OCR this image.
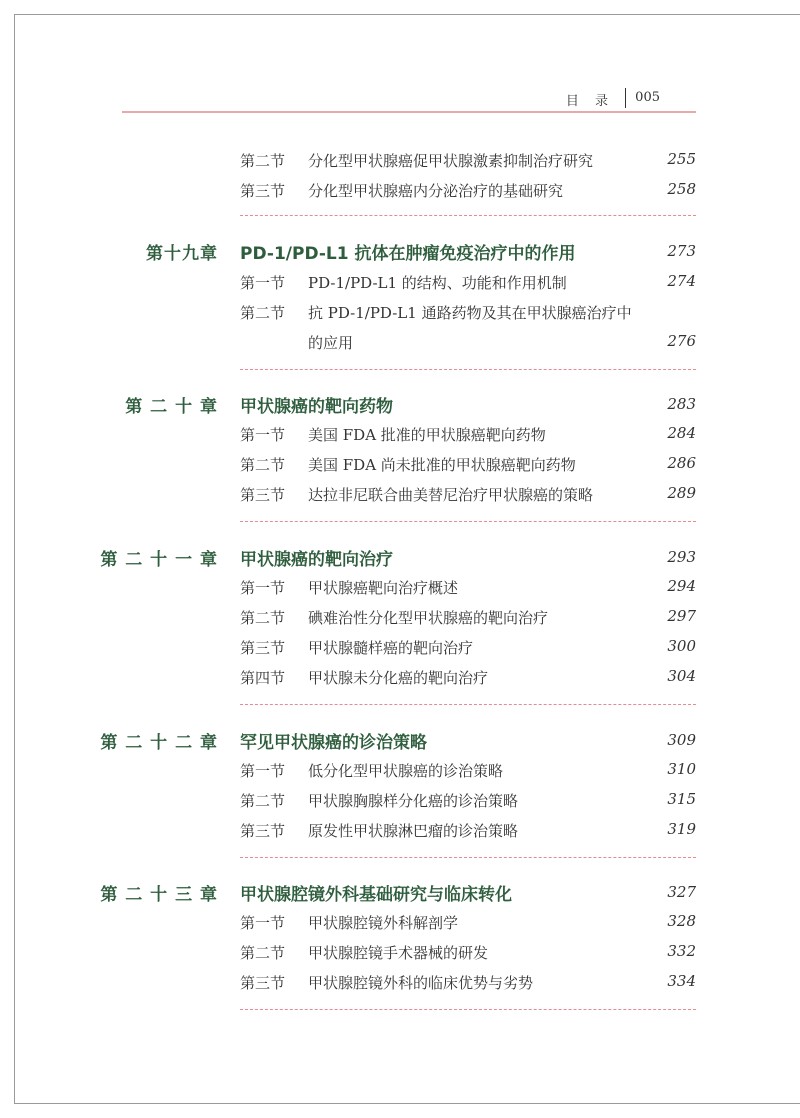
目 录 005
第二节 分化型甲状腺癌促甲状腺激素抑制治疗研究	255
第三节 分化型甲状腺癌内分泌治疗的基础研究	258
第十九章 PD-1/PD-L1 抗体在肿瘤免疫治疗中的作用	273
第一节 PD-1/PD-L1 的结构、功能和作用机制	274
第二节 抗 PD-1/PD-L1 通路药物及其在甲状腺癌治疗中
的应用	276
第 二 十 章 甲状腺癌的靶向药物	283
第一节 美国 FDA 批准的甲状腺癌靶向药物	284
第二节 美国 FDA 尚未批准的甲状腺癌靶向药物	286
第三节 达拉非尼联合曲美替尼治疗甲状腺癌的策略	289
第 二 十 一 章 甲状腺癌的靶向治疗	293
第一节 甲状腺癌靶向治疗概述	294
第二节 碘难治性分化型甲状腺癌的靶向治疗	297
第三节 甲状腺髓样癌的靶向治疗	300
第四节 甲状腺未分化癌的靶向治疗	304
第 二 十 二 章 罕见甲状腺癌的诊治策略	309
第一节 低分化型甲状腺癌的诊治策略	310
第二节 甲状腺胸腺样分化癌的诊治策略	315
第三节 原发性甲状腺淋巴瘤的诊治策略	319
第 二 十 三 章 甲状腺腔镜外科基础研究与临床转化	327
第一节 甲状腺腔镜外科解剖学	328
第二节 甲状腺腔镜手术器械的研发	332
第三节 甲状腺腔镜外科的临床优势与劣势	334
